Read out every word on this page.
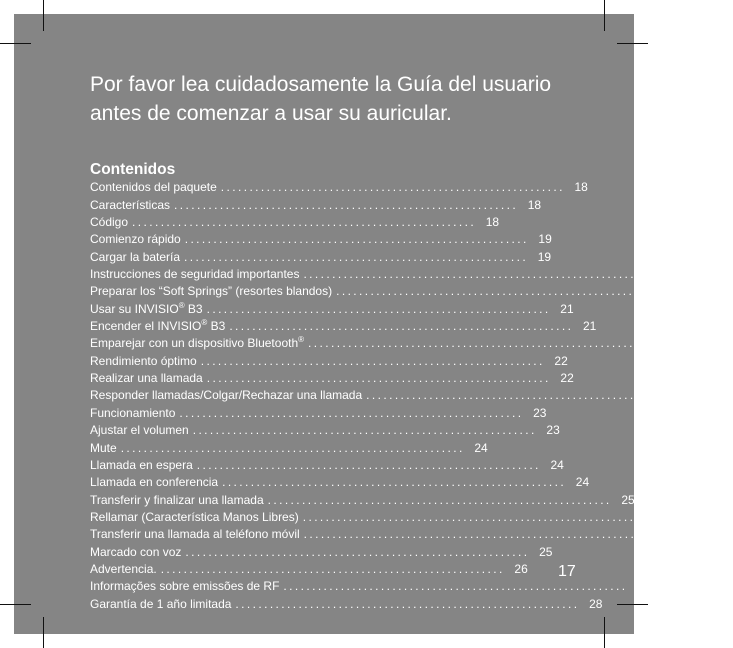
Por favor lea cuidadosamente la Guía del usuario
antes de comenzar a usar su auricular.
Contenidos
Contenidos del paquete ............................................................ 18
Características ............................................................ 18
Código ............................................................ 18
Comienzo rápido ............................................................ 19
Cargar la batería ............................................................ 19
Instrucciones de seguridad importantes ............................................................ 19
Preparar los “Soft Springs” (resortes blandos) ............................................................ 20
Usar su INVISIO® B3 ............................................................ 21
Encender el INVISIO® B3 ............................................................ 21
Emparejar con un dispositivo Bluetooth® ............................................................ 22
Rendimiento óptimo ............................................................ 22
Realizar una llamada ............................................................ 22
Responder llamadas/Colgar/Rechazar una llamada ............................................................ 23
Funcionamiento ............................................................ 23
Ajustar el volumen ............................................................ 23
Mute ............................................................ 24
Llamada en espera ............................................................ 24
Llamada en conferencia ............................................................ 24
Transferir y finalizar una llamada ............................................................ 25
Rellamar (Característica Manos Libres) ............................................................ 25
Transferir una llamada al teléfono móvil ............................................................ 25
Marcado con voz ............................................................ 25
Advertencia. ............................................................ 26
Informações sobre emissões de RF ............................................................ 27
Garantía de 1 año limitada ............................................................ 28
17
